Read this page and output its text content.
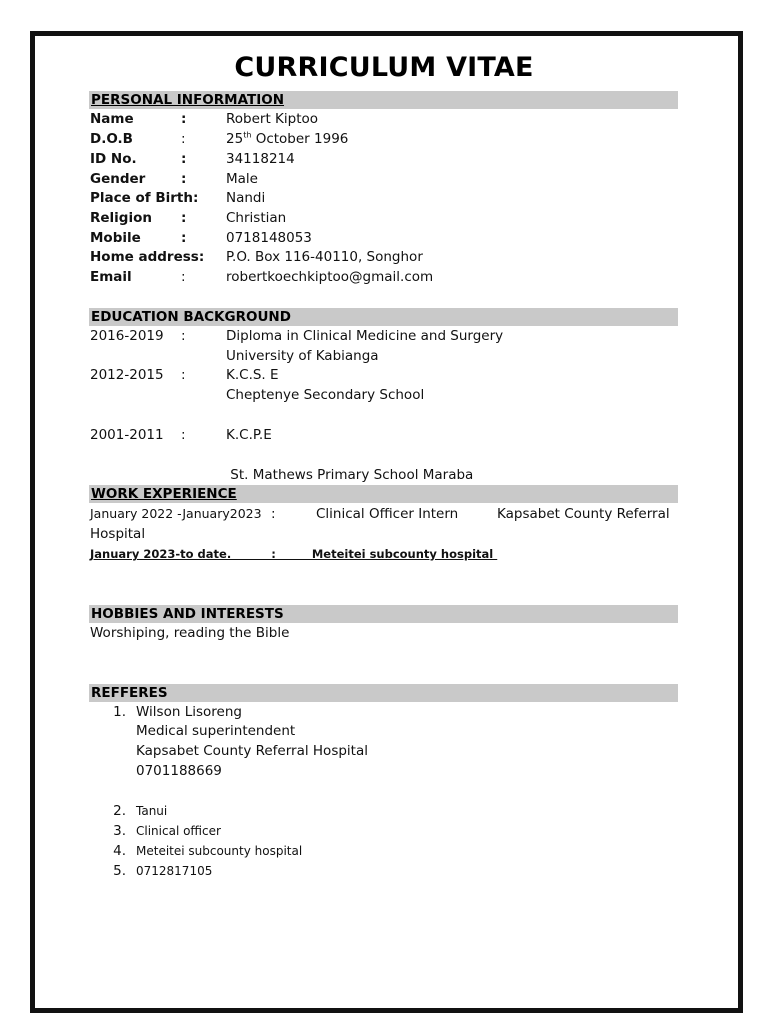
CURRICULUM VITAE
PERSONAL INFORMATION
Name	:	Robert Kiptoo
D.O.B	:	25th October 1996
ID No.	:	34118214
Gender	:	Male
Place of Birth: Nandi
Religion :	Christian
Mobile	:	0718148053
Home address: P.O. Box 116-40110, Songhor
Email	:	robertkoechkiptoo@gmail.com
EDUCATION BACKGROUND
2016-2019 :	Diploma in Clinical Medicine and Surgery
University of Kabianga
2012-2015 :	K.C.S. E
Cheptenye Secondary School
2001-2011 :	K.C.P.E

St. Mathews Primary School Maraba

WORK EXPERIENCE
January 2022 -January2023 :	Clinical Officer Intern	Kapsabet County Referral
Hospital
January 2023-to date.          :         Meteitei subcounty hospital
HOBBIES AND INTERESTS
Worshiping, reading the Bible
REFFERES
1. Wilson Lisoreng
Medical superintendent
Kapsabet County Referral Hospital
0701188669
2. Tanui
3. Clinical officer
4. Meteitei subcounty hospital
5. 0712817105
